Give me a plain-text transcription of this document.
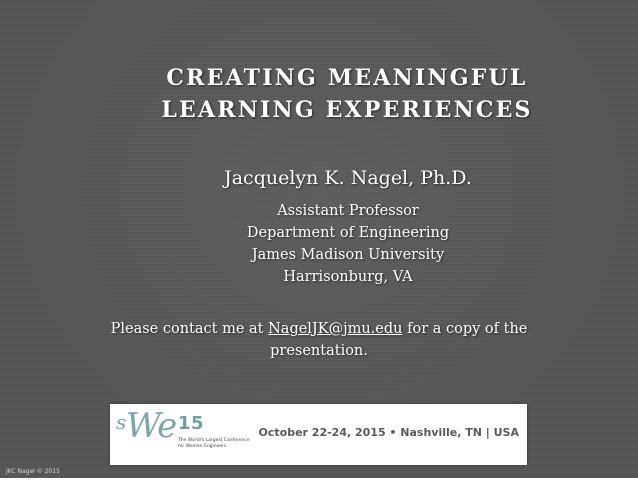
CREATING MEANINGFUL
LEARNING EXPERIENCES
Jacquelyn K. Nagel, Ph.D.
Assistant Professor
Department of Engineering
James Madison University
Harrisonburg, VA
Please contact me at NagelJK@jmu.edu for a copy of the
presentation.
s We 15
The World's Largest Conference
for Women Engineers
October 22-24, 2015 • Nashville, TN | USA
JKC Nagel © 2015
